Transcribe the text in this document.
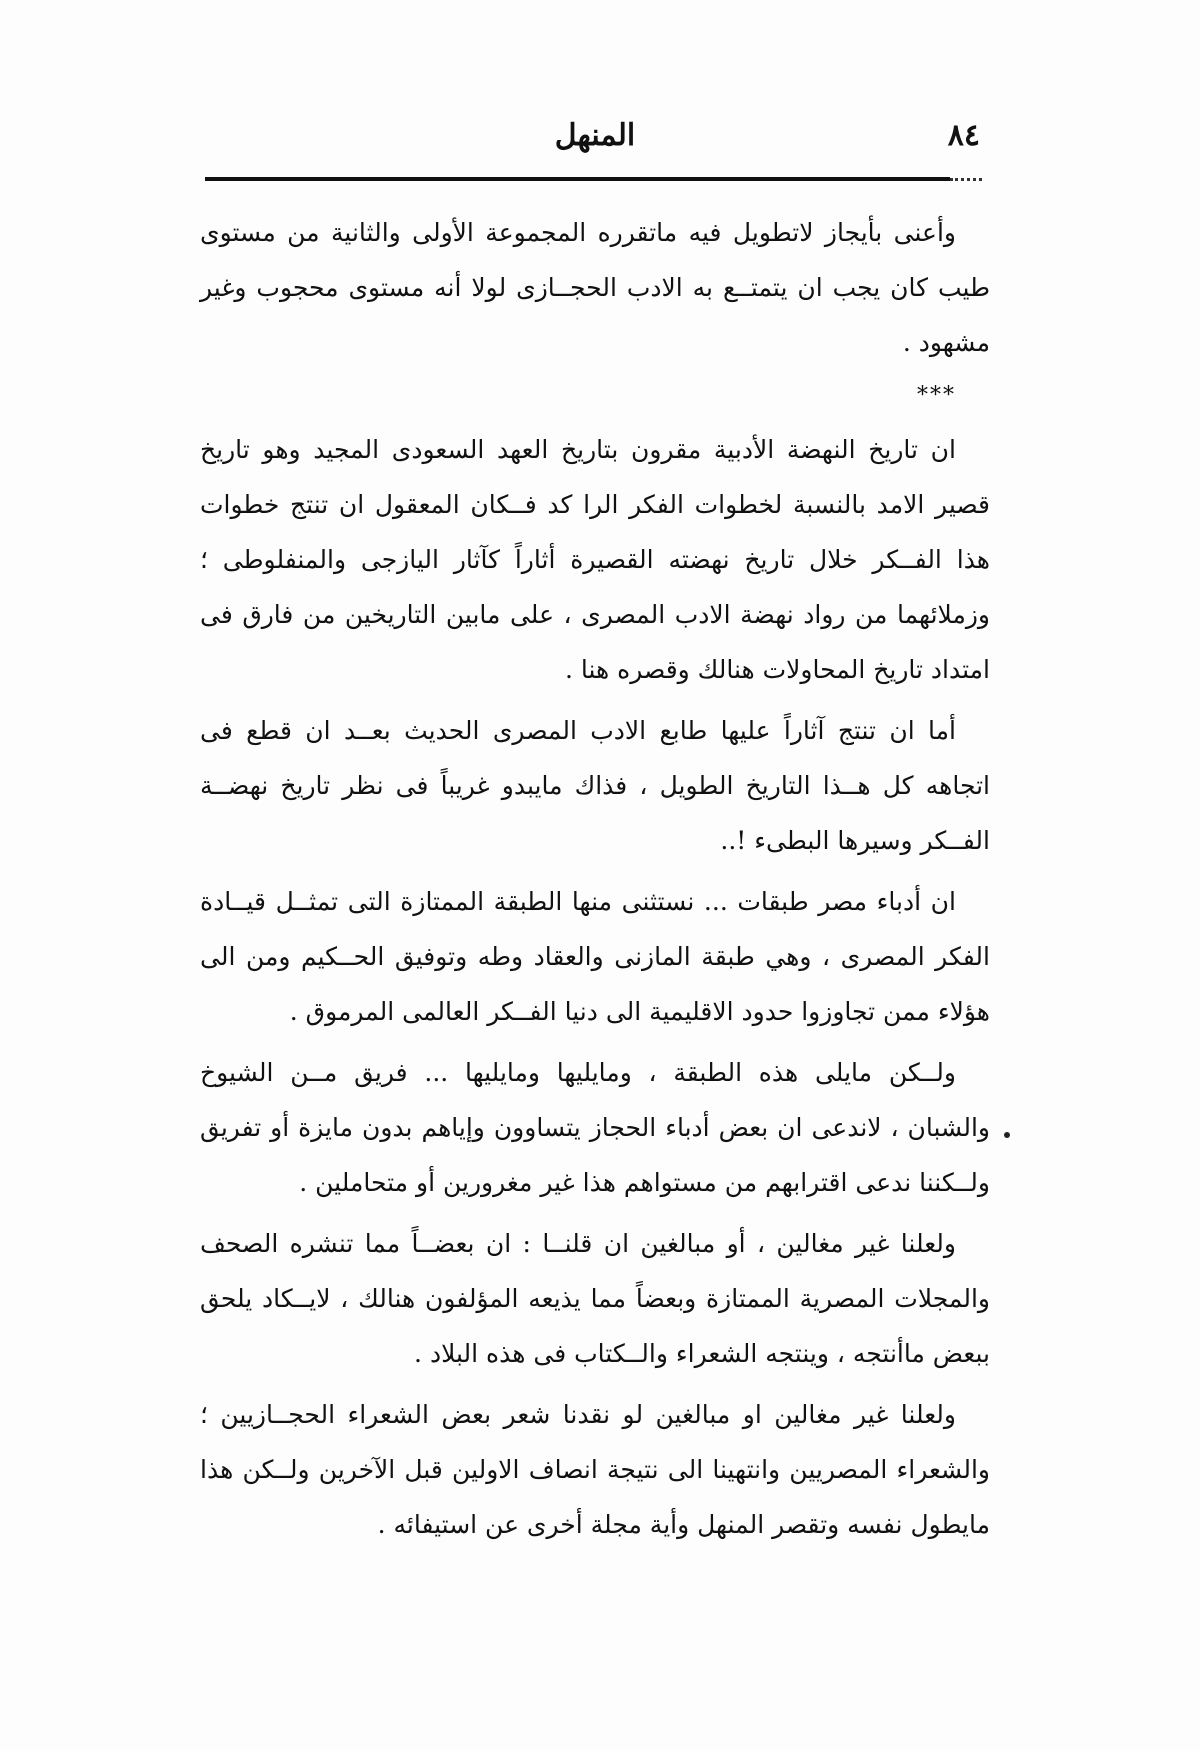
٨٤
المنهل

وأعنى بأيجاز لاتطويل فيه ماتقرره المجموعة الأولى والثانية من مستوى طيب كان يجب ان يتمتــع به الادب الحجــازى لولا أنه مستوى محجوب وغير مشهود .

***

ان تاريخ النهضة الأدبية مقرون بتاريخ العهد السعودى المجيد وهو تاريخ قصير الامد بالنسبة لخطوات الفكر الرا كد فــكان المعقول ان تنتج خطوات هذا الفــكر خلال تاريخ نهضته القصيرة أثاراً كآثار اليازجى والمنفلوطى ؛ وزملائهما من رواد نهضة الادب المصرى ، على مابين التاريخين من فارق فى امتداد تاريخ المحاولات هنالك وقصره هنا .

أما ان تنتج آثاراً عليها طابع الادب المصرى الحديث بعــد ان قطع فى اتجاهه كل هــذا التاريخ الطويل ، فذاك مايبدو غريباً فى نظر تاريخ نهضــة الفــكر وسيرها البطىء !..

ان أدباء مصر طبقات ... نستثنى منها الطبقة الممتازة التى تمثــل قيــادة الفكر المصرى ، وهي طبقة المازنى والعقاد وطه وتوفيق الحــكيم ومن الى هؤلاء ممن تجاوزوا حدود الاقليمية الى دنيا الفــكر العالمى المرموق .

ولــكن مايلى هذه الطبقة ، ومايليها ومايليها ... فريق مــن الشيوخ والشبان ، لاندعى ان بعض أدباء الحجاز يتساوون وإياهم بدون مايزة أو تفريق ولــكننا ندعى اقترابهم من مستواهم هذا غير مغرورين أو متحاملين .

ولعلنا غير مغالين ، أو مبالغين ان قلنــا : ان بعضــاً مما تنشره الصحف والمجلات المصرية الممتازة وبعضاً مما يذيعه المؤلفون هنالك ، لايــكاد يلحق ببعض ماأنتجه ، وينتجه الشعراء والــكتاب فى هذه البلاد .

ولعلنا غير مغالين او مبالغين لو نقدنا شعر بعض الشعراء الحجــازيين ؛ والشعراء المصريين وانتهينا الى نتيجة انصاف الاولين قبل الآخرين ولــكن هذا مايطول نفسه وتقصر المنهل وأية مجلة أخرى عن استيفائه .
